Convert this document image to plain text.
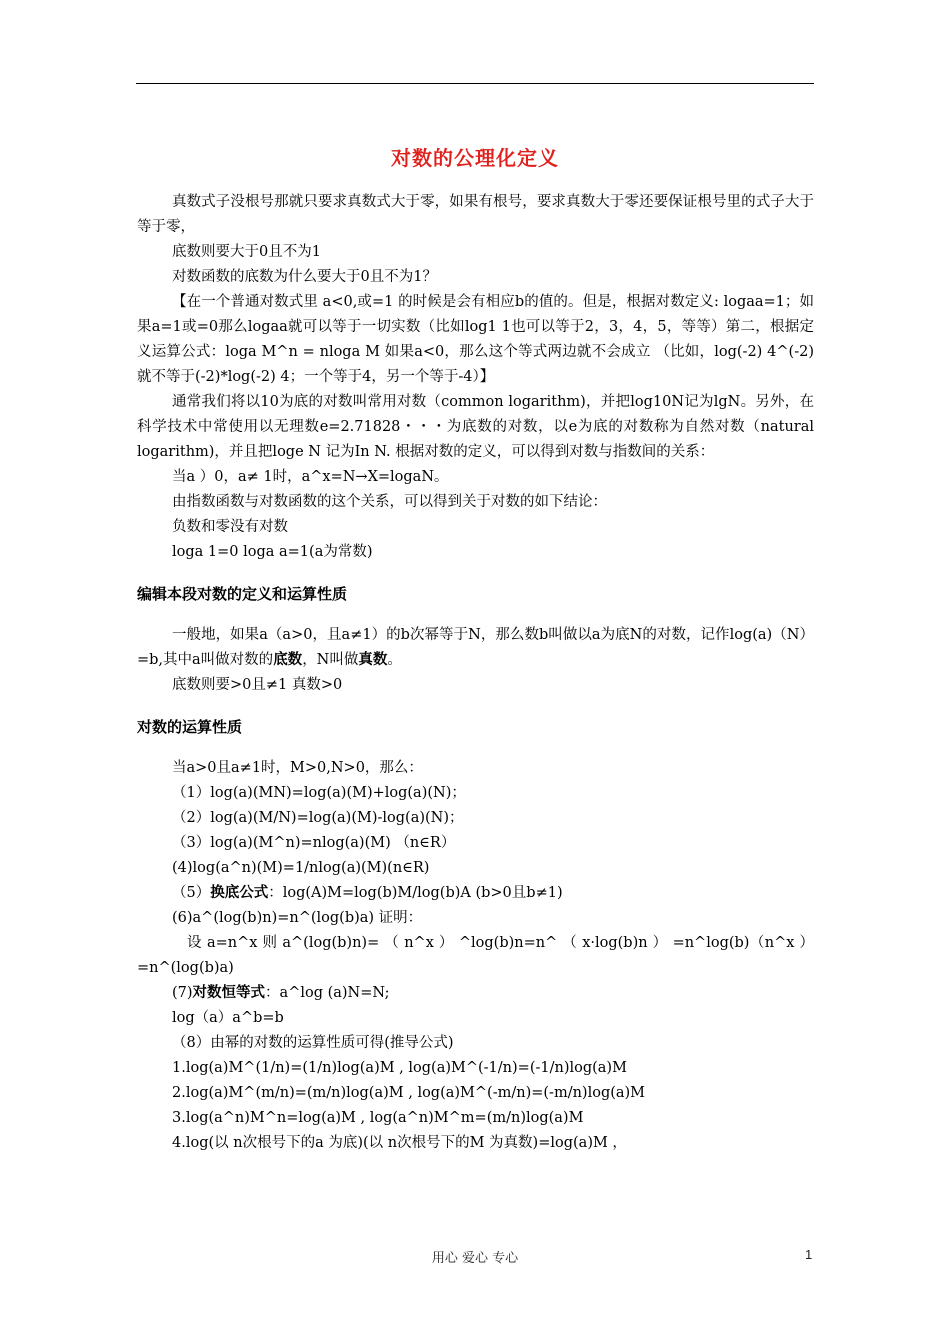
对数的公理化定义

真数式子没根号那就只要求真数式大于零，如果有根号，要求真数大于零还要保证根号里的式子大于等于零，

底数则要大于0且不为1

对数函数的底数为什么要大于0且不为1？

【在一个普通对数式里 a<0,或=1 的时候是会有相应b的值的。但是，根据对数定义: logaa=1；如果a=1或=0那么logaa就可以等于一切实数（比如log1 1也可以等于2，3，4，5，等等）第二，根据定义运算公式：loga M^n = nloga M 如果a<0，那么这个等式两边就不会成立 （比如，log(-2) 4^(-2) 就不等于(-2)*log(-2) 4；一个等于4，另一个等于-4）】

通常我们将以10为底的对数叫常用对数（common logarithm)，并把log10N记为lgN。另外，在科学技术中常使用以无理数e=2.71828・・・为底数的对数，以e为底的对数称为自然对数（natural logarithm)，并且把loge N 记为In N. 根据对数的定义，可以得到对数与指数间的关系：

当a ）0，a≠ 1时，a^x=N→X=logaN。

由指数函数与对数函数的这个关系，可以得到关于对数的如下结论：

负数和零没有对数

loga 1=0 loga a=1(a为常数)

编辑本段对数的定义和运算性质

一般地，如果a（a>0，且a≠1）的b次幂等于N，那么数b叫做以a为底N的对数，记作log(a)（N）=b,其中a叫做对数的底数，N叫做真数。

底数则要>0且≠1 真数>0

对数的运算性质

当a>0且a≠1时，M>0,N>0，那么：

（1）log(a)(MN)=log(a)(M)+log(a)(N)；

（2）log(a)(M/N)=log(a)(M)-log(a)(N)；

（3）log(a)(M^n)=nlog(a)(M) （n∈R）

(4)log(a^n)(M)=1/nlog(a)(M)(n∈R)

（5）换底公式：log(A)M=log(b)M/log(b)A (b>0且b≠1)

(6)a^(log(b)n)=n^(log(b)a) 证明：

设 a=n^x 则 a^(log(b)n)= （ n^x ） ^log(b)n=n^ （ x·log(b)n ） =n^log(b)（n^x ）=n^(log(b)a)

(7)对数恒等式：a^log (a)N=N;

log（a）a^b=b

（8）由幂的对数的运算性质可得(推导公式)

1.log(a)M^(1/n)=(1/n)log(a)M , log(a)M^(-1/n)=(-1/n)log(a)M

2.log(a)M^(m/n)=(m/n)log(a)M , log(a)M^(-m/n)=(-m/n)log(a)M

3.log(a^n)M^n=log(a)M , log(a^n)M^m=(m/n)log(a)M

4.log(以 n次根号下的a 为底)(以 n次根号下的M 为真数)=log(a)M ，

用心 爱心 专心	1
